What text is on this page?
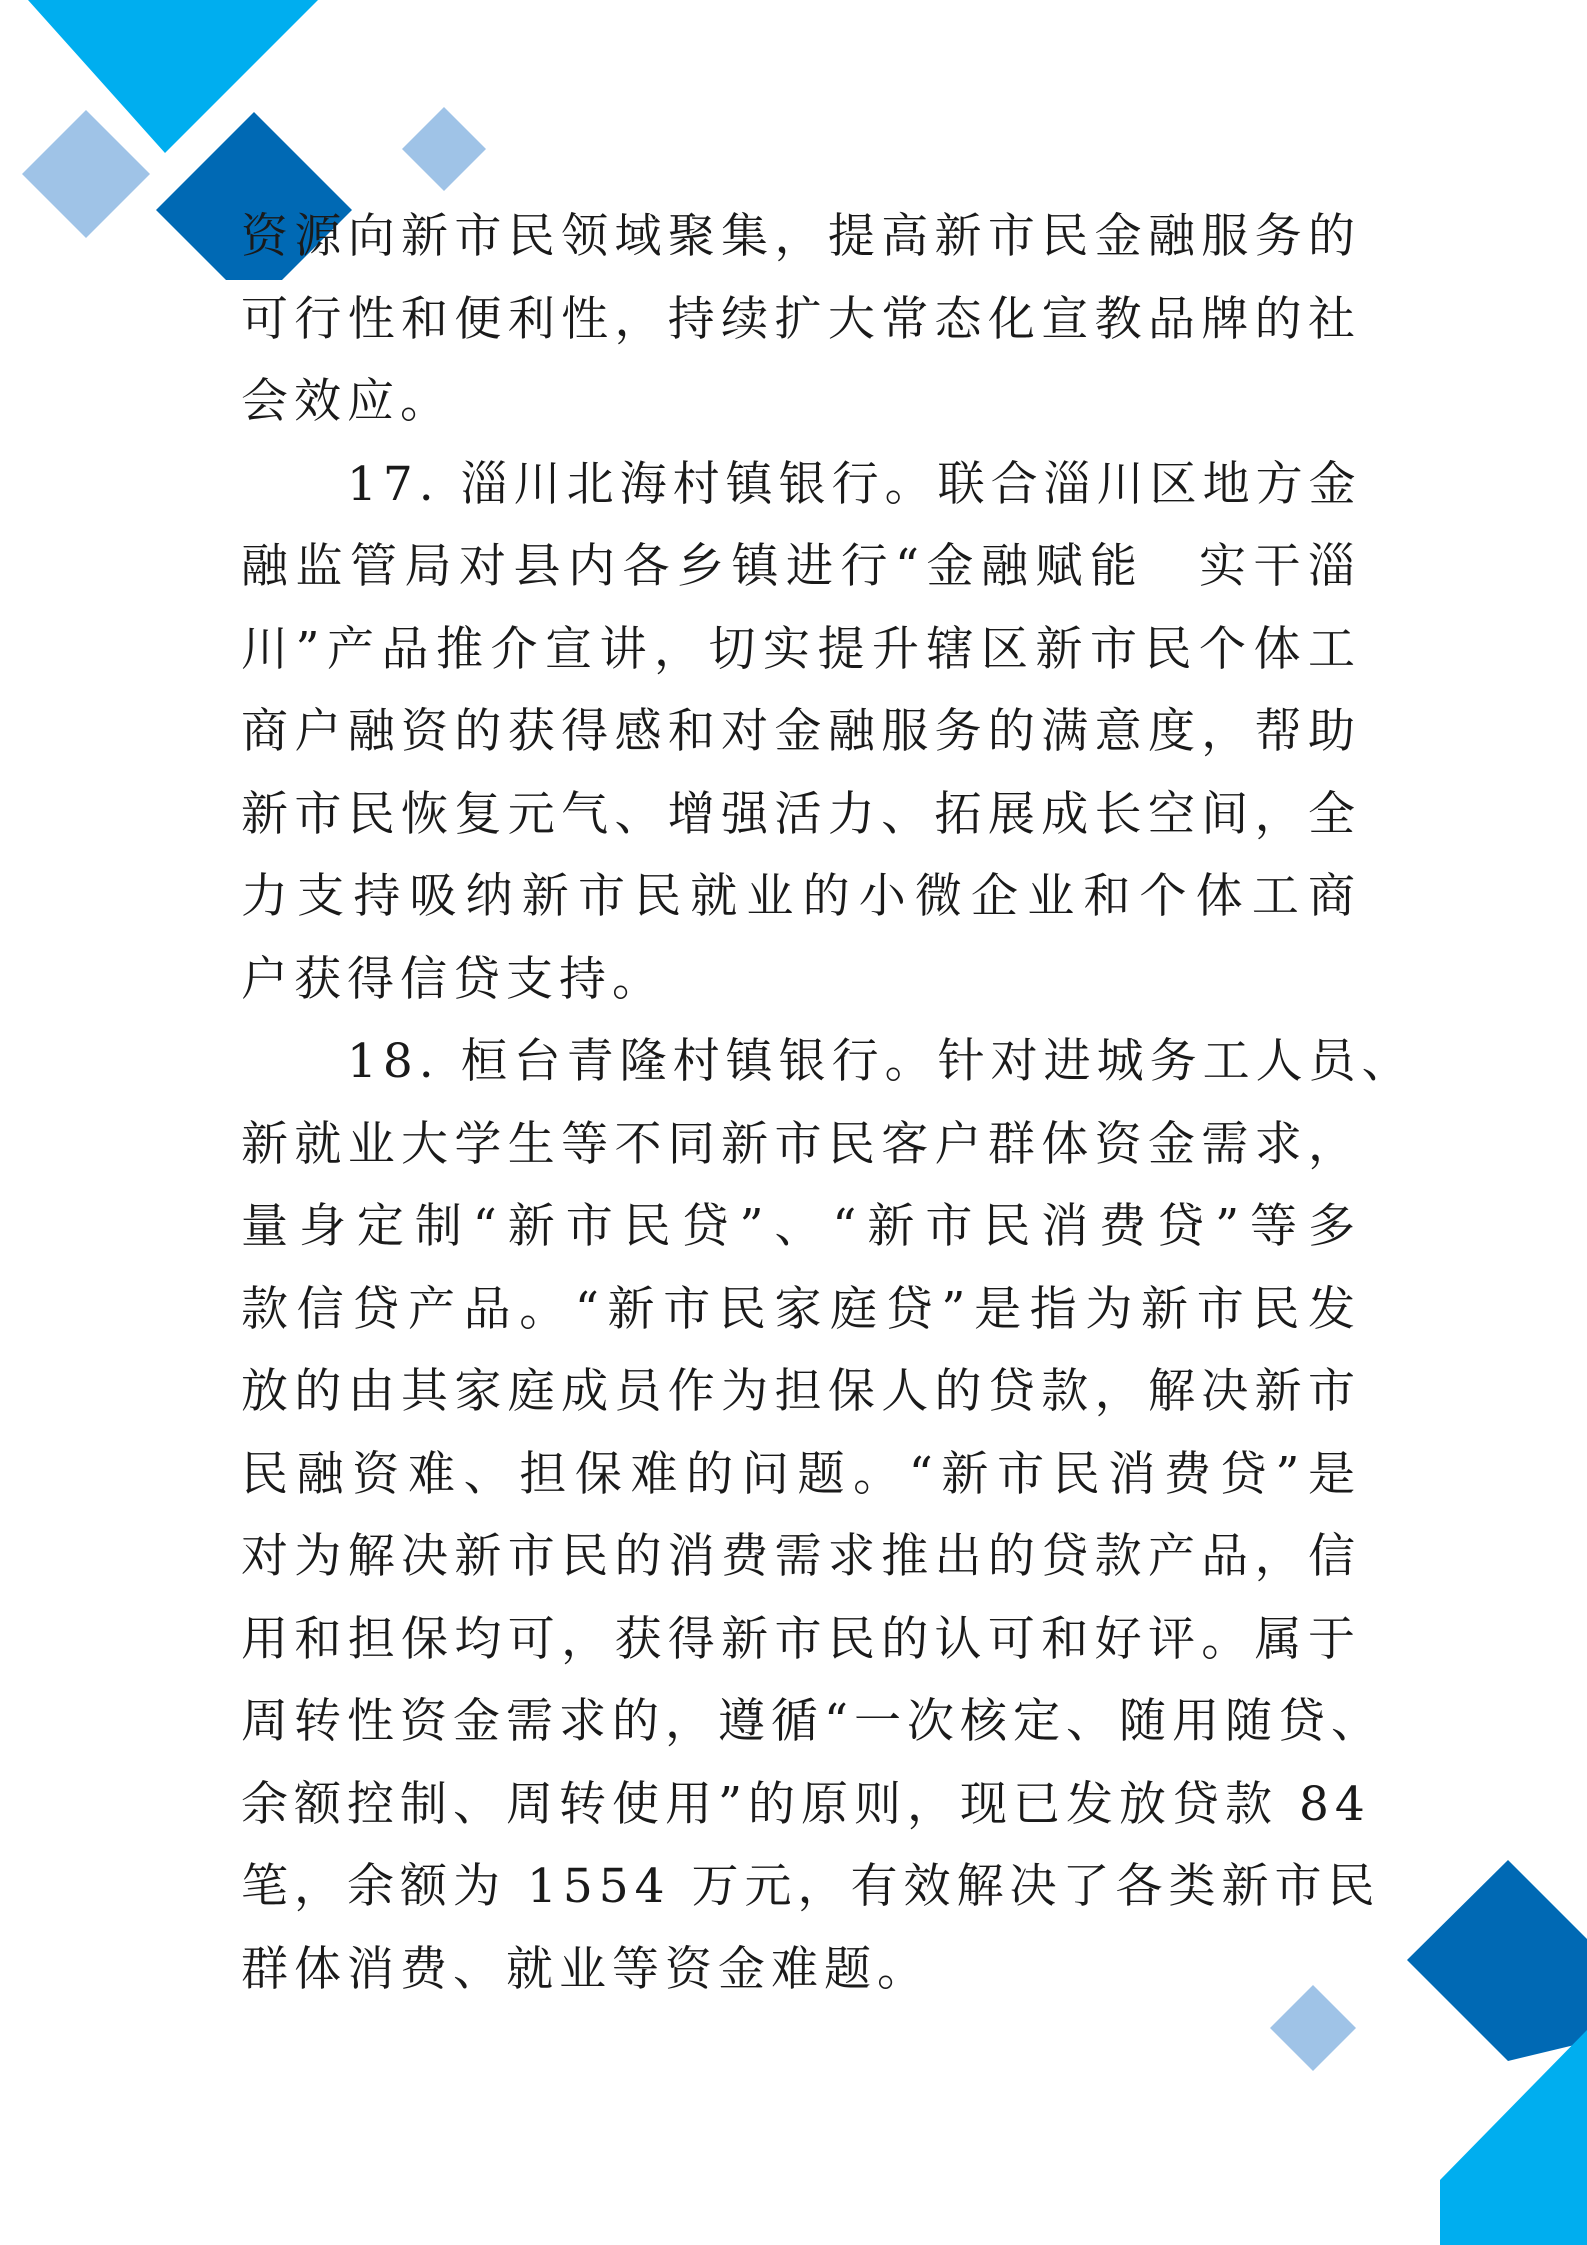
资源向新市民领域聚集，提高新市民金融服务的
可行性和便利性，持续扩大常态化宣教品牌的社
会效应。
17. 淄川北海村镇银行。联合淄川区地方金
融监管局对县内各乡镇进行“金融赋能　实干淄
川”产品推介宣讲，切实提升辖区新市民个体工
商户融资的获得感和对金融服务的满意度，帮助
新市民恢复元气、增强活力、拓展成长空间，全
力支持吸纳新市民就业的小微企业和个体工商
户获得信贷支持。
18. 桓台青隆村镇银行。针对进城务工人员、
新就业大学生等不同新市民客户群体资金需求，
量身定制“新市民贷”、“新市民消费贷”等多
款信贷产品。“新市民家庭贷”是指为新市民发
放的由其家庭成员作为担保人的贷款，解决新市
民融资难、担保难的问题。“新市民消费贷”是
对为解决新市民的消费需求推出的贷款产品，信
用和担保均可，获得新市民的认可和好评。属于
周转性资金需求的，遵循“一次核定、随用随贷、
余额控制、周转使用”的原则，现已发放贷款 84
笔，余额为 1554 万元，有效解决了各类新市民
群体消费、就业等资金难题。
